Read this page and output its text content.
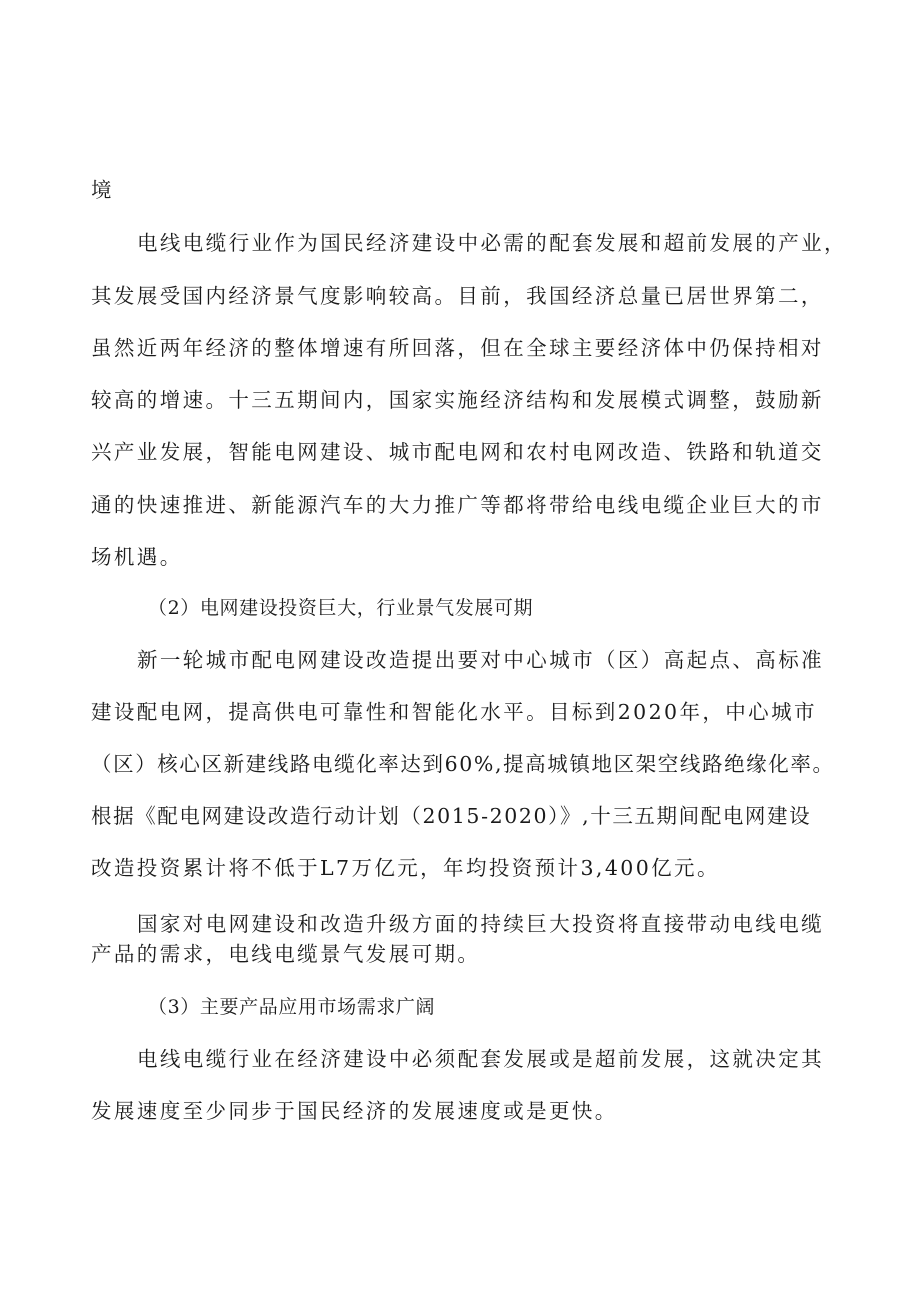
境
电线电缆行业作为国民经济建设中必需的配套发展和超前发展的产业，
其发展受国内经济景气度影响较高。目前，我国经济总量已居世界第二，
虽然近两年经济的整体增速有所回落，但在全球主要经济体中仍保持相对
较高的增速。十三五期间内，国家实施经济结构和发展模式调整，鼓励新
兴产业发展，智能电网建设、城市配电网和农村电网改造、铁路和轨道交
通的快速推进、新能源汽车的大力推广等都将带给电线电缆企业巨大的市
场机遇。
（2）电网建设投资巨大，行业景气发展可期
新一轮城市配电网建设改造提出要对中心城市（区）高起点、高标准
建设配电网，提高供电可靠性和智能化水平。目标到2020年，中心城市
（区）核心区新建线路电缆化率达到60%,提高城镇地区架空线路绝缘化率。
根据《配电网建设改造行动计划（2015-2020）》,十三五期间配电网建设
改造投资累计将不低于L7万亿元，年均投资预计3,400亿元。
国家对电网建设和改造升级方面的持续巨大投资将直接带动电线电缆
产品的需求，电线电缆景气发展可期。
（3）主要产品应用市场需求广阔
电线电缆行业在经济建设中必须配套发展或是超前发展，这就决定其
发展速度至少同步于国民经济的发展速度或是更快。
